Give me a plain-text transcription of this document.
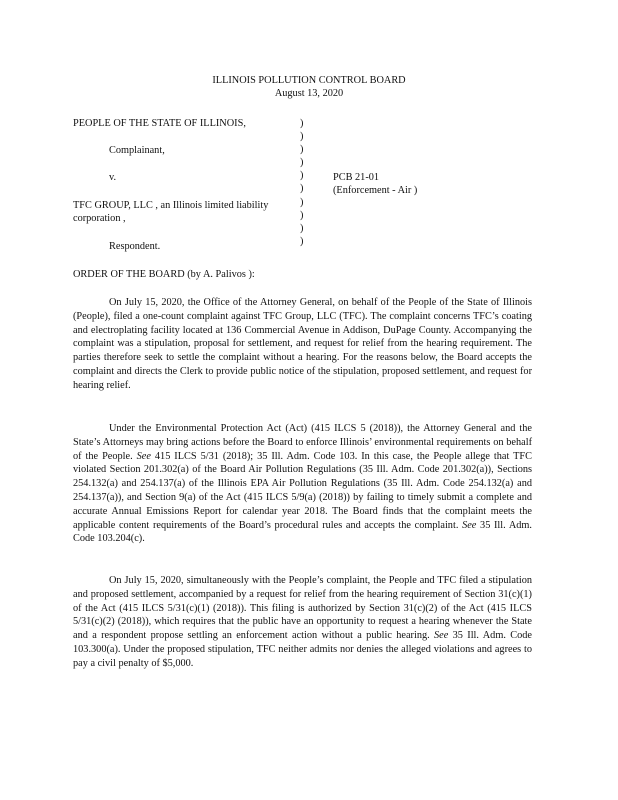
ILLINOIS POLLUTION CONTROL BOARD
August 13, 2020
PEOPLE OF THE STATE OF ILLINOIS,
Complainant,
v.	PCB 21-01
(Enforcement - Air )
TFC GROUP, LLC , an Illinois limited liability
corporation ,
Respondent.
)
)
)
)
)
)
)
)
)
)
ORDER OF THE BOARD (by A. Palivos ):
On July 15, 2020, the Office of the Attorney General, on behalf of the People of the State of Illinois (People), filed a one-count complaint against TFC Group, LLC (TFC). The complaint concerns TFC’s coating and electroplating facility located at 136 Commercial Avenue in Addison, DuPage County. Accompanying the complaint was a stipulation, proposal for settlement, and request for relief from the hearing requirement. The parties therefore seek to settle the complaint without a hearing. For the reasons below, the Board accepts the complaint and directs the Clerk to provide public notice of the stipulation, proposed settlement, and request for hearing relief.
Under the Environmental Protection Act (Act) (415 ILCS 5 (2018)), the Attorney General and the State’s Attorneys may bring actions before the Board to enforce Illinois’ environmental requirements on behalf of the People. See 415 ILCS 5/31 (2018); 35 Ill. Adm. Code 103. In this case, the People allege that TFC violated Section 201.302(a) of the Board Air Pollution Regulations (35 Ill. Adm. Code 201.302(a)), Sections 254.132(a) and 254.137(a) of the Illinois EPA Air Pollution Regulations (35 Ill. Adm. Code 254.132(a) and 254.137(a)), and Section 9(a) of the Act (415 ILCS 5/9(a) (2018)) by failing to timely submit a complete and accurate Annual Emissions Report for calendar year 2018. The Board finds that the complaint meets the applicable content requirements of the Board’s procedural rules and accepts the complaint. See 35 Ill. Adm. Code 103.204(c).
On July 15, 2020, simultaneously with the People’s complaint, the People and TFC filed a stipulation and proposed settlement, accompanied by a request for relief from the hearing requirement of Section 31(c)(1) of the Act (415 ILCS 5/31(c)(1) (2018)). This filing is authorized by Section 31(c)(2) of the Act (415 ILCS 5/31(c)(2) (2018)), which requires that the public have an opportunity to request a hearing whenever the State and a respondent propose settling an enforcement action without a public hearing. See 35 Ill. Adm. Code 103.300(a). Under the proposed stipulation, TFC neither admits nor denies the alleged violations and agrees to pay a civil penalty of $5,000.
